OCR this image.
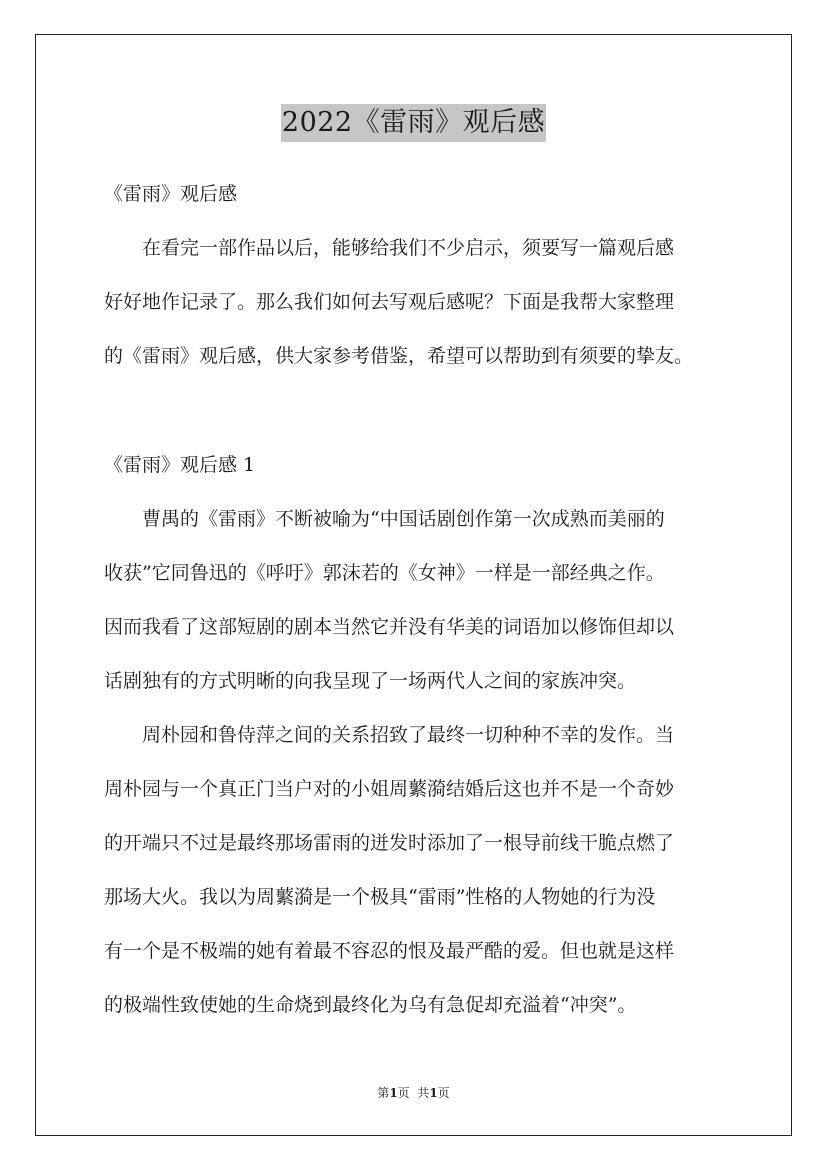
2022《雷雨》观后感
《雷雨》观后感
在看完一部作品以后，能够给我们不少启示，须要写一篇观后感
好好地作记录了。那么我们如何去写观后感呢？下面是我帮大家整理
的《雷雨》观后感，供大家参考借鉴，希望可以帮助到有须要的挚友。
《雷雨》观后感 1
曹禺的《雷雨》不断被喻为“中国话剧创作第一次成熟而美丽的
收获”它同鲁迅的《呼吁》郭沫若的《女神》一样是一部经典之作。
因而我看了这部短剧的剧本当然它并没有华美的词语加以修饰但却以
话剧独有的方式明晰的向我呈现了一场两代人之间的家族冲突。
周朴园和鲁侍萍之间的关系招致了最终一切种种不幸的发作。当
周朴园与一个真正门当户对的小姐周蘩漪结婚后这也并不是一个奇妙
的开端只不过是最终那场雷雨的迸发时添加了一根导前线干脆点燃了
那场大火。我以为周蘩漪是一个极具“雷雨”性格的人物她的行为没
有一个是不极端的她有着最不容忍的恨及最严酷的爱。但也就是这样
的极端性致使她的生命烧到最终化为乌有急促却充溢着“冲突”。
第1页  共1页
